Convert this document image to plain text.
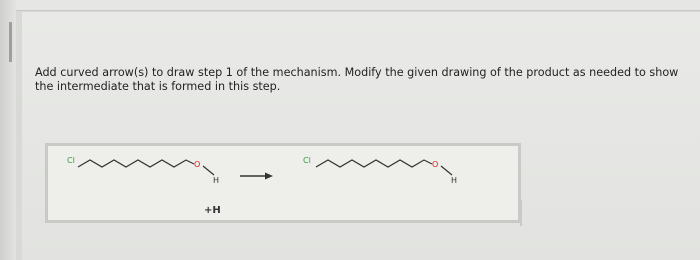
Add curved arrow(s) to draw step 1 of the mechanism. Modify the given drawing of the product as needed to show
the intermediate that is formed in this step.
Cl	O
H
+H
Cl	O
H
